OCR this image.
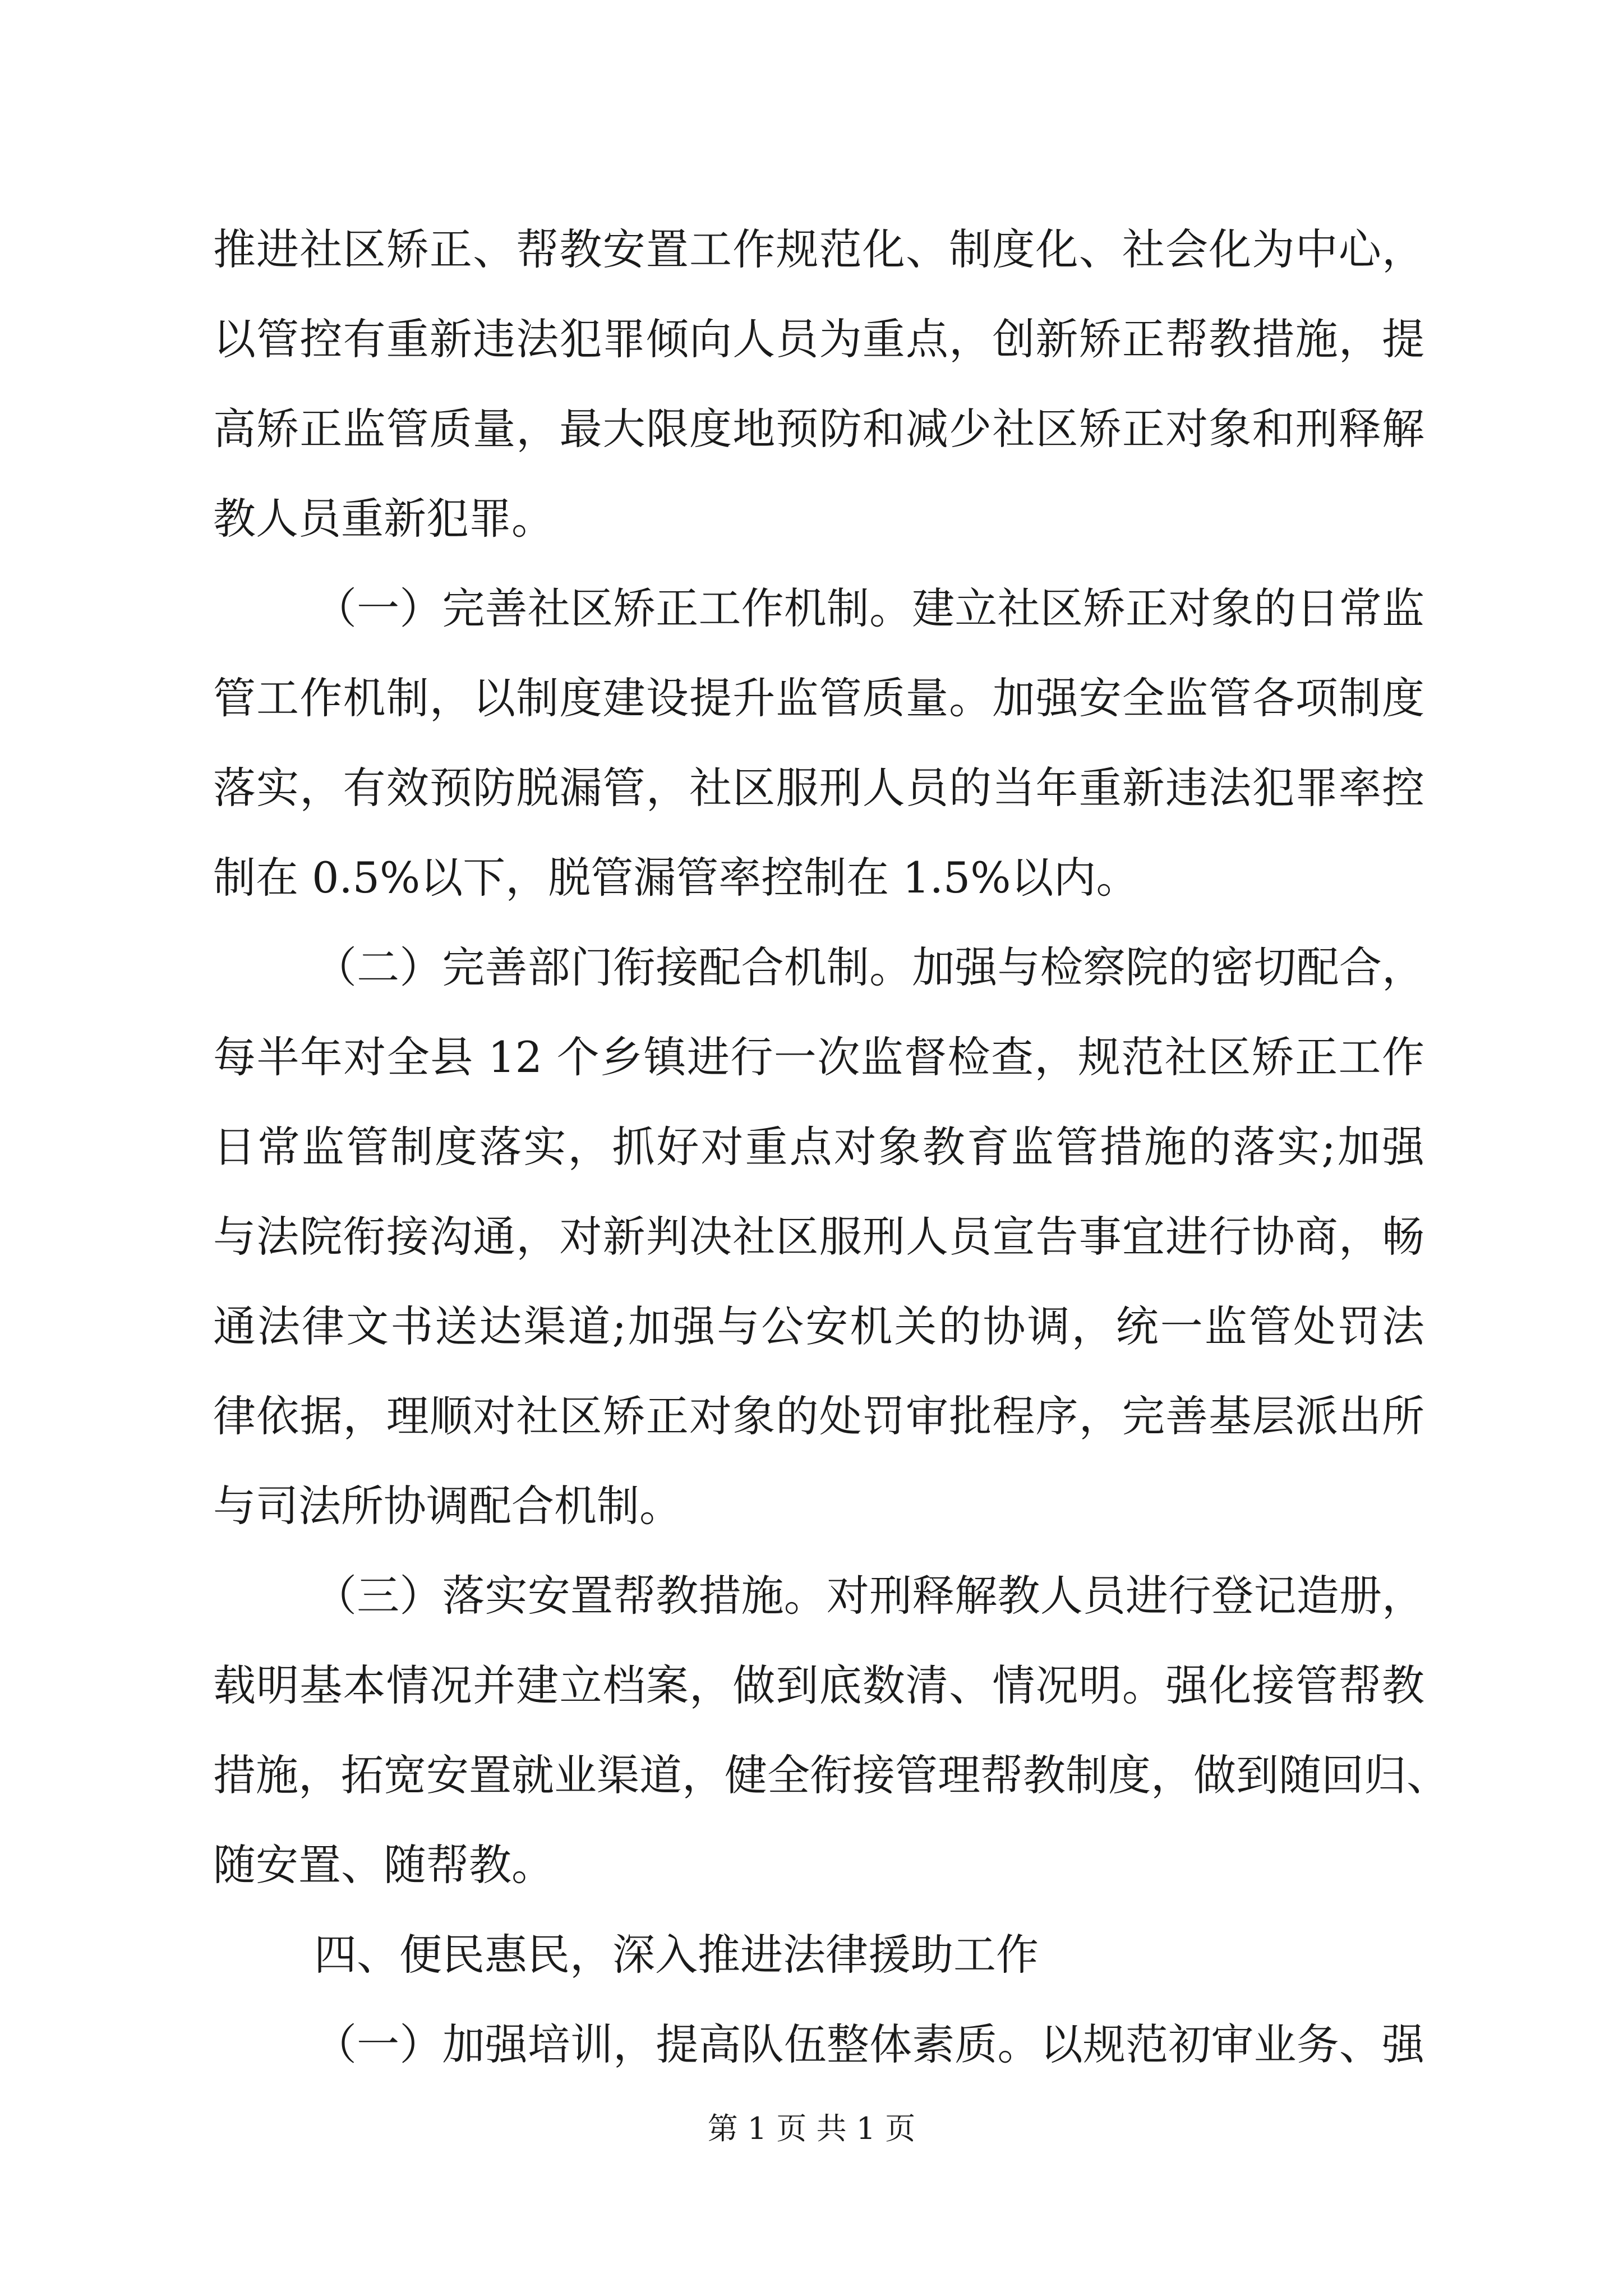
推进社区矫正、帮教安置工作规范化、制度化、社会化为中心，
以管控有重新违法犯罪倾向人员为重点，创新矫正帮教措施，提
高矫正监管质量，最大限度地预防和减少社区矫正对象和刑释解
教人员重新犯罪。
（一）完善社区矫正工作机制。建立社区矫正对象的日常监
管工作机制，以制度建设提升监管质量。加强安全监管各项制度
落实，有效预防脱漏管，社区服刑人员的当年重新违法犯罪率控
制在 0.5%以下，脱管漏管率控制在 1.5%以内。
（二）完善部门衔接配合机制。加强与检察院的密切配合，
每半年对全县 12 个乡镇进行一次监督检查，规范社区矫正工作
日常监管制度落实，抓好对重点对象教育监管措施的落实;加强
与法院衔接沟通，对新判决社区服刑人员宣告事宜进行协商，畅
通法律文书送达渠道;加强与公安机关的协调，统一监管处罚法
律依据，理顺对社区矫正对象的处罚审批程序，完善基层派出所
与司法所协调配合机制。
（三）落实安置帮教措施。对刑释解教人员进行登记造册，
载明基本情况并建立档案，做到底数清、情况明。强化接管帮教
措施，拓宽安置就业渠道，健全衔接管理帮教制度，做到随回归、
随安置、随帮教。
四、便民惠民，深入推进法律援助工作
（一）加强培训，提高队伍整体素质。以规范初审业务、强
第 1 页 共 1 页
